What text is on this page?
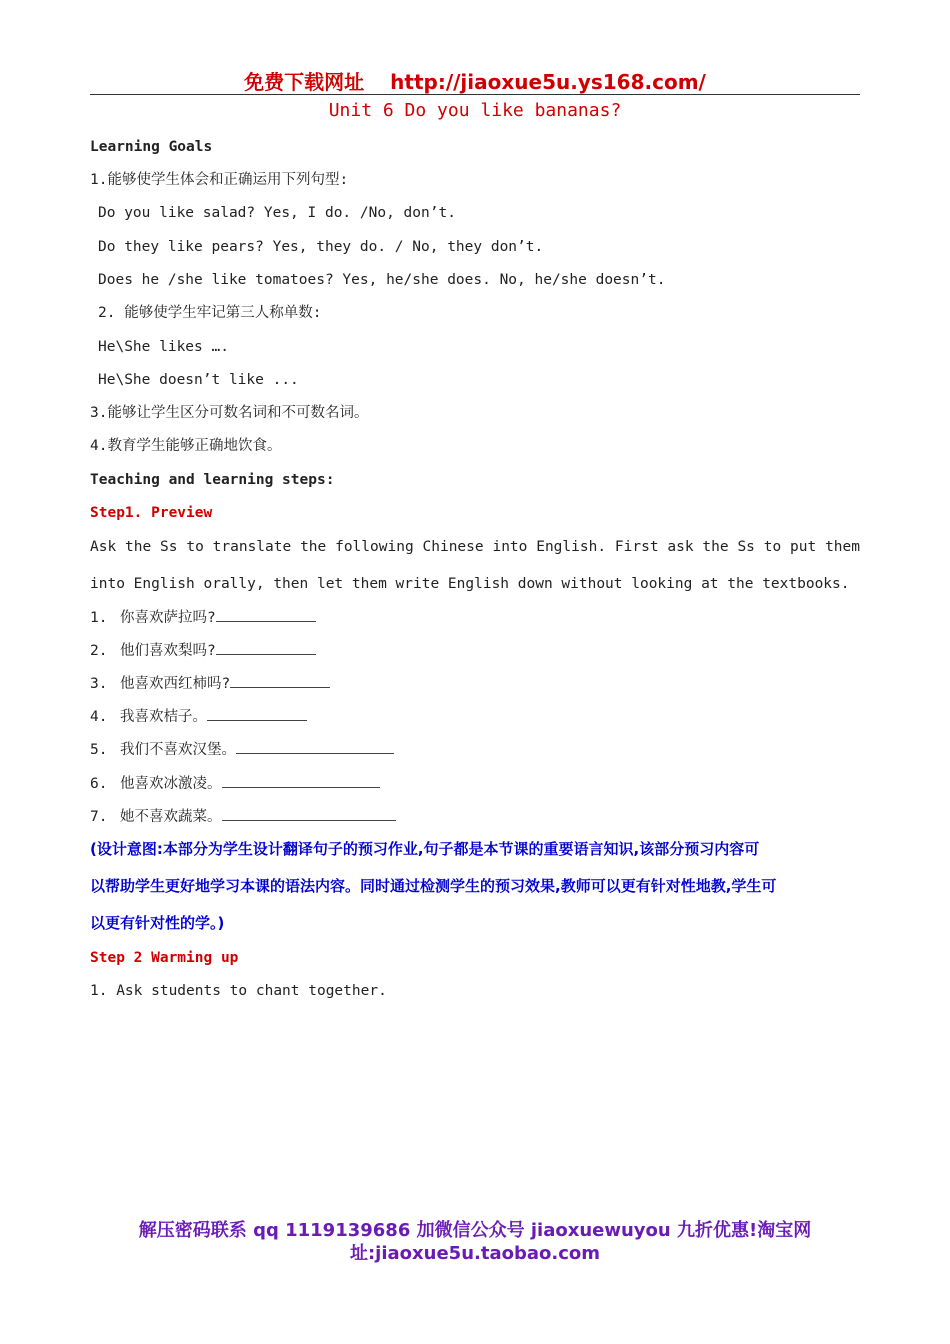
免费下载网址 http://jiaoxue5u.ys168.com/
Unit 6 Do you like bananas?
Learning Goals
1.能够使学生体会和正确运用下列句型:
Do you like salad? Yes, I do. /No, don’t.
Do they like pears? Yes, they do. / No, they don’t.
Does he /she like tomatoes? Yes, he/she does. No, he/she doesn’t.
2. 能够使学生牢记第三人称单数:
He\She likes ….
He\She doesn’t like ...
3.能够让学生区分可数名词和不可数名词。
4.教育学生能够正确地饮食。
Teaching and learning steps:
Step1. Preview
Ask the Ss to translate the following Chinese into English. First ask the Ss to put them
into English orally, then let them write English down without looking at the textbooks.
1. 你喜欢萨拉吗?
2. 他们喜欢梨吗?
3. 他喜欢西红柿吗?
4. 我喜欢桔子。
5. 我们不喜欢汉堡。
6. 他喜欢冰激凌。
7. 她不喜欢蔬菜。
(设计意图:本部分为学生设计翻译句子的预习作业,句子都是本节课的重要语言知识,该部分预习内容可
以帮助学生更好地学习本课的语法内容。同时通过检测学生的预习效果,教师可以更有针对性地教,学生可
以更有针对性的学。)
Step 2 Warming up
1. Ask students to chant together.
解压密码联系 qq 1119139686 加微信公众号 jiaoxuewuyou 九折优惠!淘宝网
址:jiaoxue5u.taobao.com
